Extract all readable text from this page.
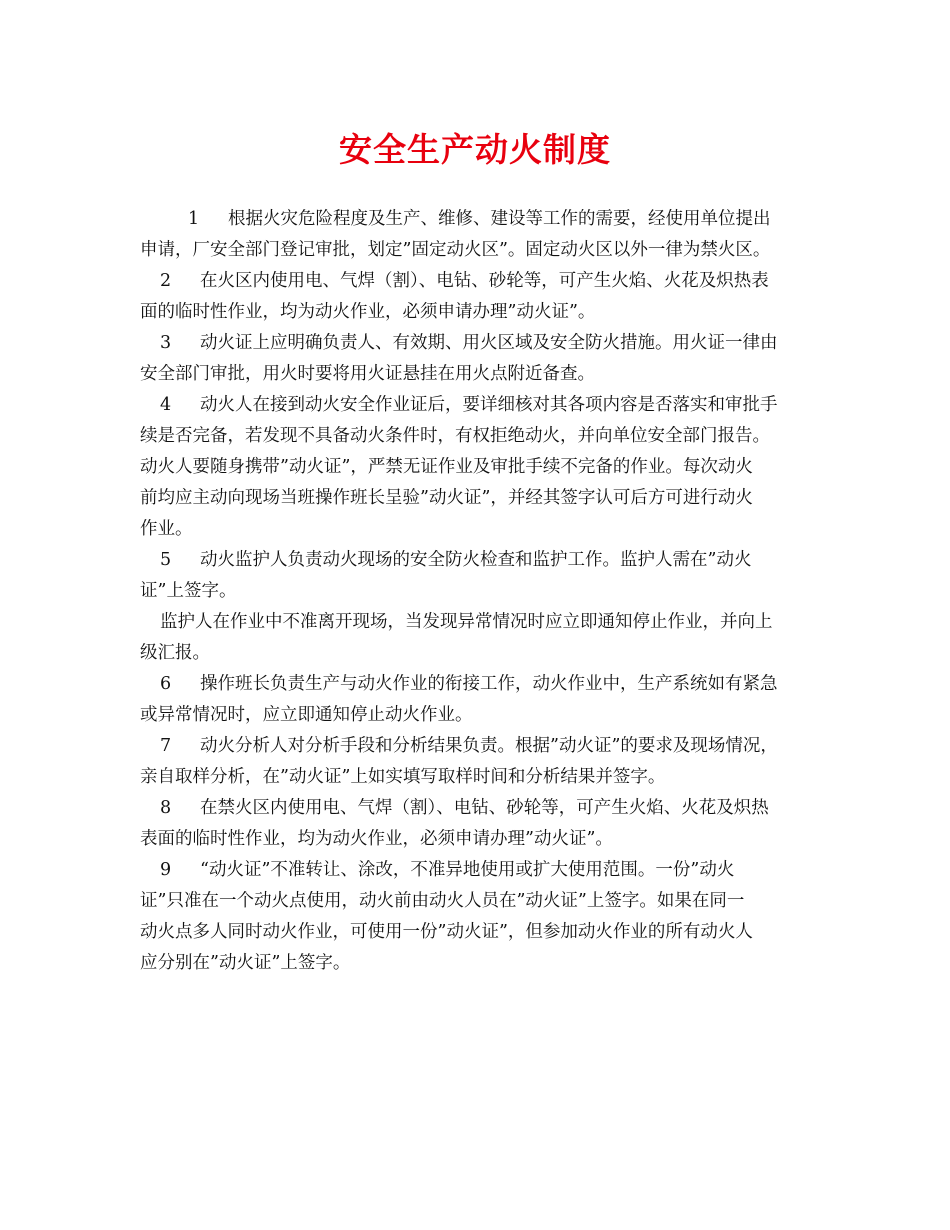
安全生产动火制度
1 根据火灾危险程度及生产、维修、建设等工作的需要，经使用单位提出
申请，厂安全部门登记审批，划定”固定动火区”。固定动火区以外一律为禁火区。
2 在火区内使用电、气焊（割）、电钻、砂轮等，可产生火焰、火花及炽热表
面的临时性作业，均为动火作业，必须申请办理”动火证”。
3 动火证上应明确负责人、有效期、用火区域及安全防火措施。用火证一律由
安全部门审批，用火时要将用火证悬挂在用火点附近备查。
4 动火人在接到动火安全作业证后，要详细核对其各项内容是否落实和审批手
续是否完备，若发现不具备动火条件时，有权拒绝动火，并向单位安全部门报告。
动火人要随身携带”动火证”，严禁无证作业及审批手续不完备的作业。每次动火
前均应主动向现场当班操作班长呈验”动火证”，并经其签字认可后方可进行动火
作业。
5 动火监护人负责动火现场的安全防火检查和监护工作。监护人需在”动火
证”上签字。
监护人在作业中不准离开现场，当发现异常情况时应立即通知停止作业，并向上
级汇报。
6 操作班长负责生产与动火作业的衔接工作，动火作业中，生产系统如有紧急
或异常情况时，应立即通知停止动火作业。
7 动火分析人对分析手段和分析结果负责。根据”动火证”的要求及现场情况，
亲自取样分析，在”动火证”上如实填写取样时间和分析结果并签字。
8 在禁火区内使用电、气焊（割）、电钻、砂轮等，可产生火焰、火花及炽热
表面的临时性作业，均为动火作业，必须申请办理”动火证”。
9 “动火证”不准转让、涂改，不准异地使用或扩大使用范围。一份”动火
证”只准在一个动火点使用，动火前由动火人员在”动火证”上签字。如果在同一
动火点多人同时动火作业，可使用一份”动火证”，但参加动火作业的所有动火人
应分别在”动火证”上签字。
